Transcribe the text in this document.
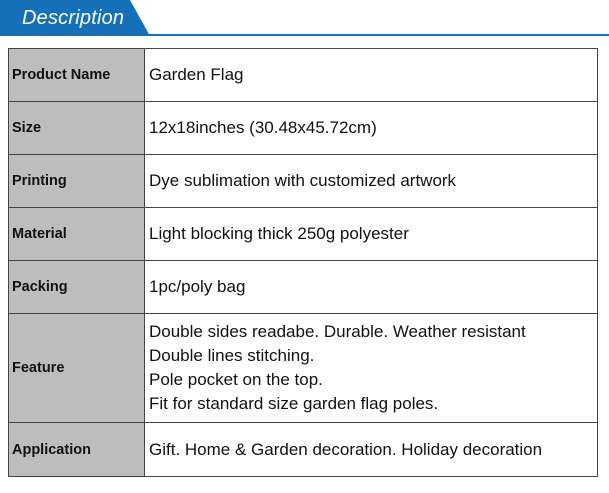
Description
Product Name	Garden Flag

Size	12x18inches (30.48x45.72cm)

Printing	Dye sublimation with customized artwork

Material	Light blocking thick 250g polyester

Packing	1pc/poly bag

Feature	Double sides readabe. Durable. Weather resistant
Double lines stitching.
Pole pocket on the top.
Fit for standard size garden flag poles.

Application	Gift. Home & Garden decoration. Holiday decoration
